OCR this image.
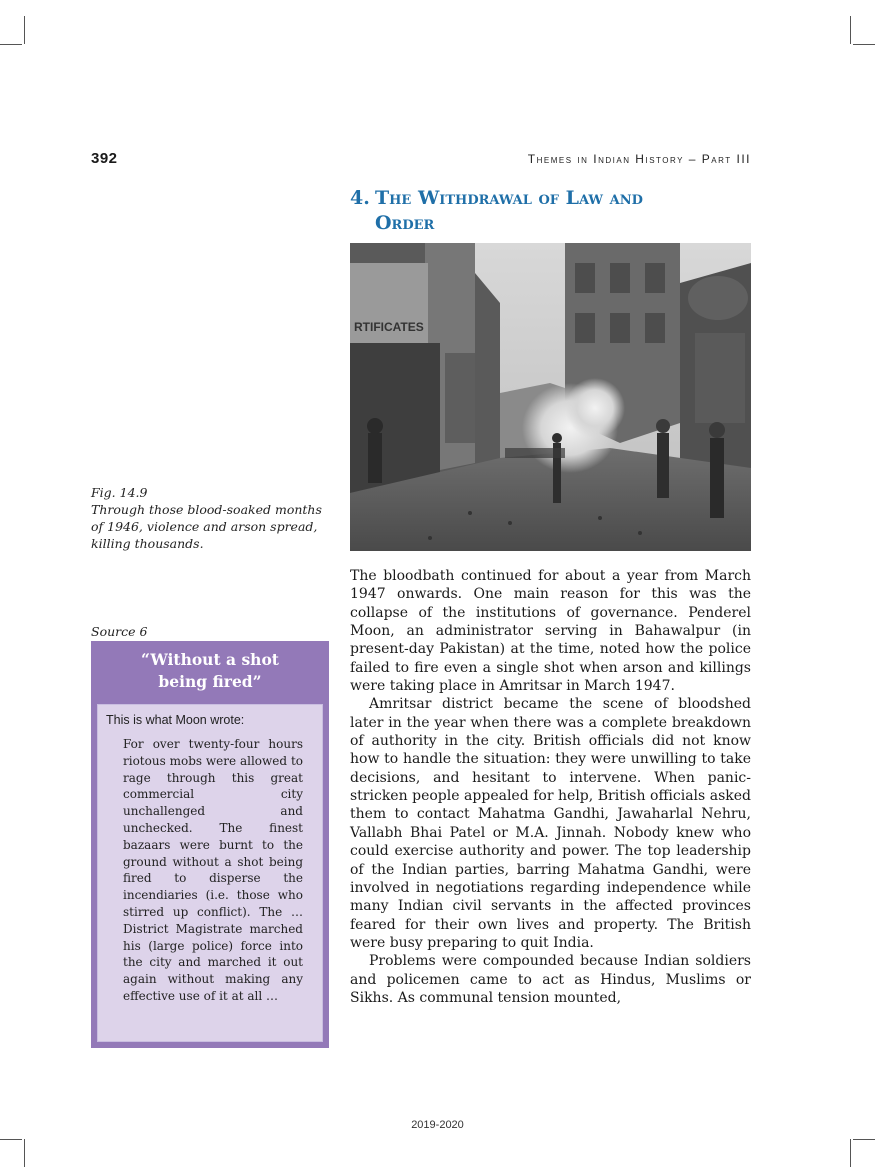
392	Themes in Indian History – Part III
4. The Withdrawal of Law and
Order
RTIFICATES
Fig. 14.9
Through those blood-soaked months of 1946, violence and arson spread, killing thousands.
Source 6
“Without a shot
being fired”
This is what Moon wrote:
For over twenty-four hours riotous mobs were allowed to rage through this great commercial city unchallenged and unchecked. The finest bazaars were burnt to the ground without a shot being fired to disperse the incendiaries (i.e. those who stirred up conflict). The … District Magistrate marched his (large police) force into the city and marched it out again without making any effective use of it at all …

The bloodbath continued for about a year from March 1947 onwards. One main reason for this was the collapse of the institutions of governance. Penderel Moon, an administrator serving in Bahawalpur (in present-day Pakistan) at the time, noted how the police failed to fire even a single shot when arson and killings were taking place in Amritsar in March 1947.

Amritsar district became the scene of bloodshed later in the year when there was a complete breakdown of authority in the city. British officials did not know how to handle the situation: they were unwilling to take decisions, and hesitant to intervene. When panic-stricken people appealed for help, British officials asked them to contact Mahatma Gandhi, Jawaharlal Nehru, Vallabh Bhai Patel or M.A. Jinnah. Nobody knew who could exercise authority and power. The top leadership of the Indian parties, barring Mahatma Gandhi, were involved in negotiations regarding independence while many Indian civil servants in the affected provinces feared for their own lives and property. The British were busy preparing to quit India.

Problems were compounded because Indian soldiers and policemen came to act as Hindus, Muslims or Sikhs. As communal tension mounted,

2019-2020
